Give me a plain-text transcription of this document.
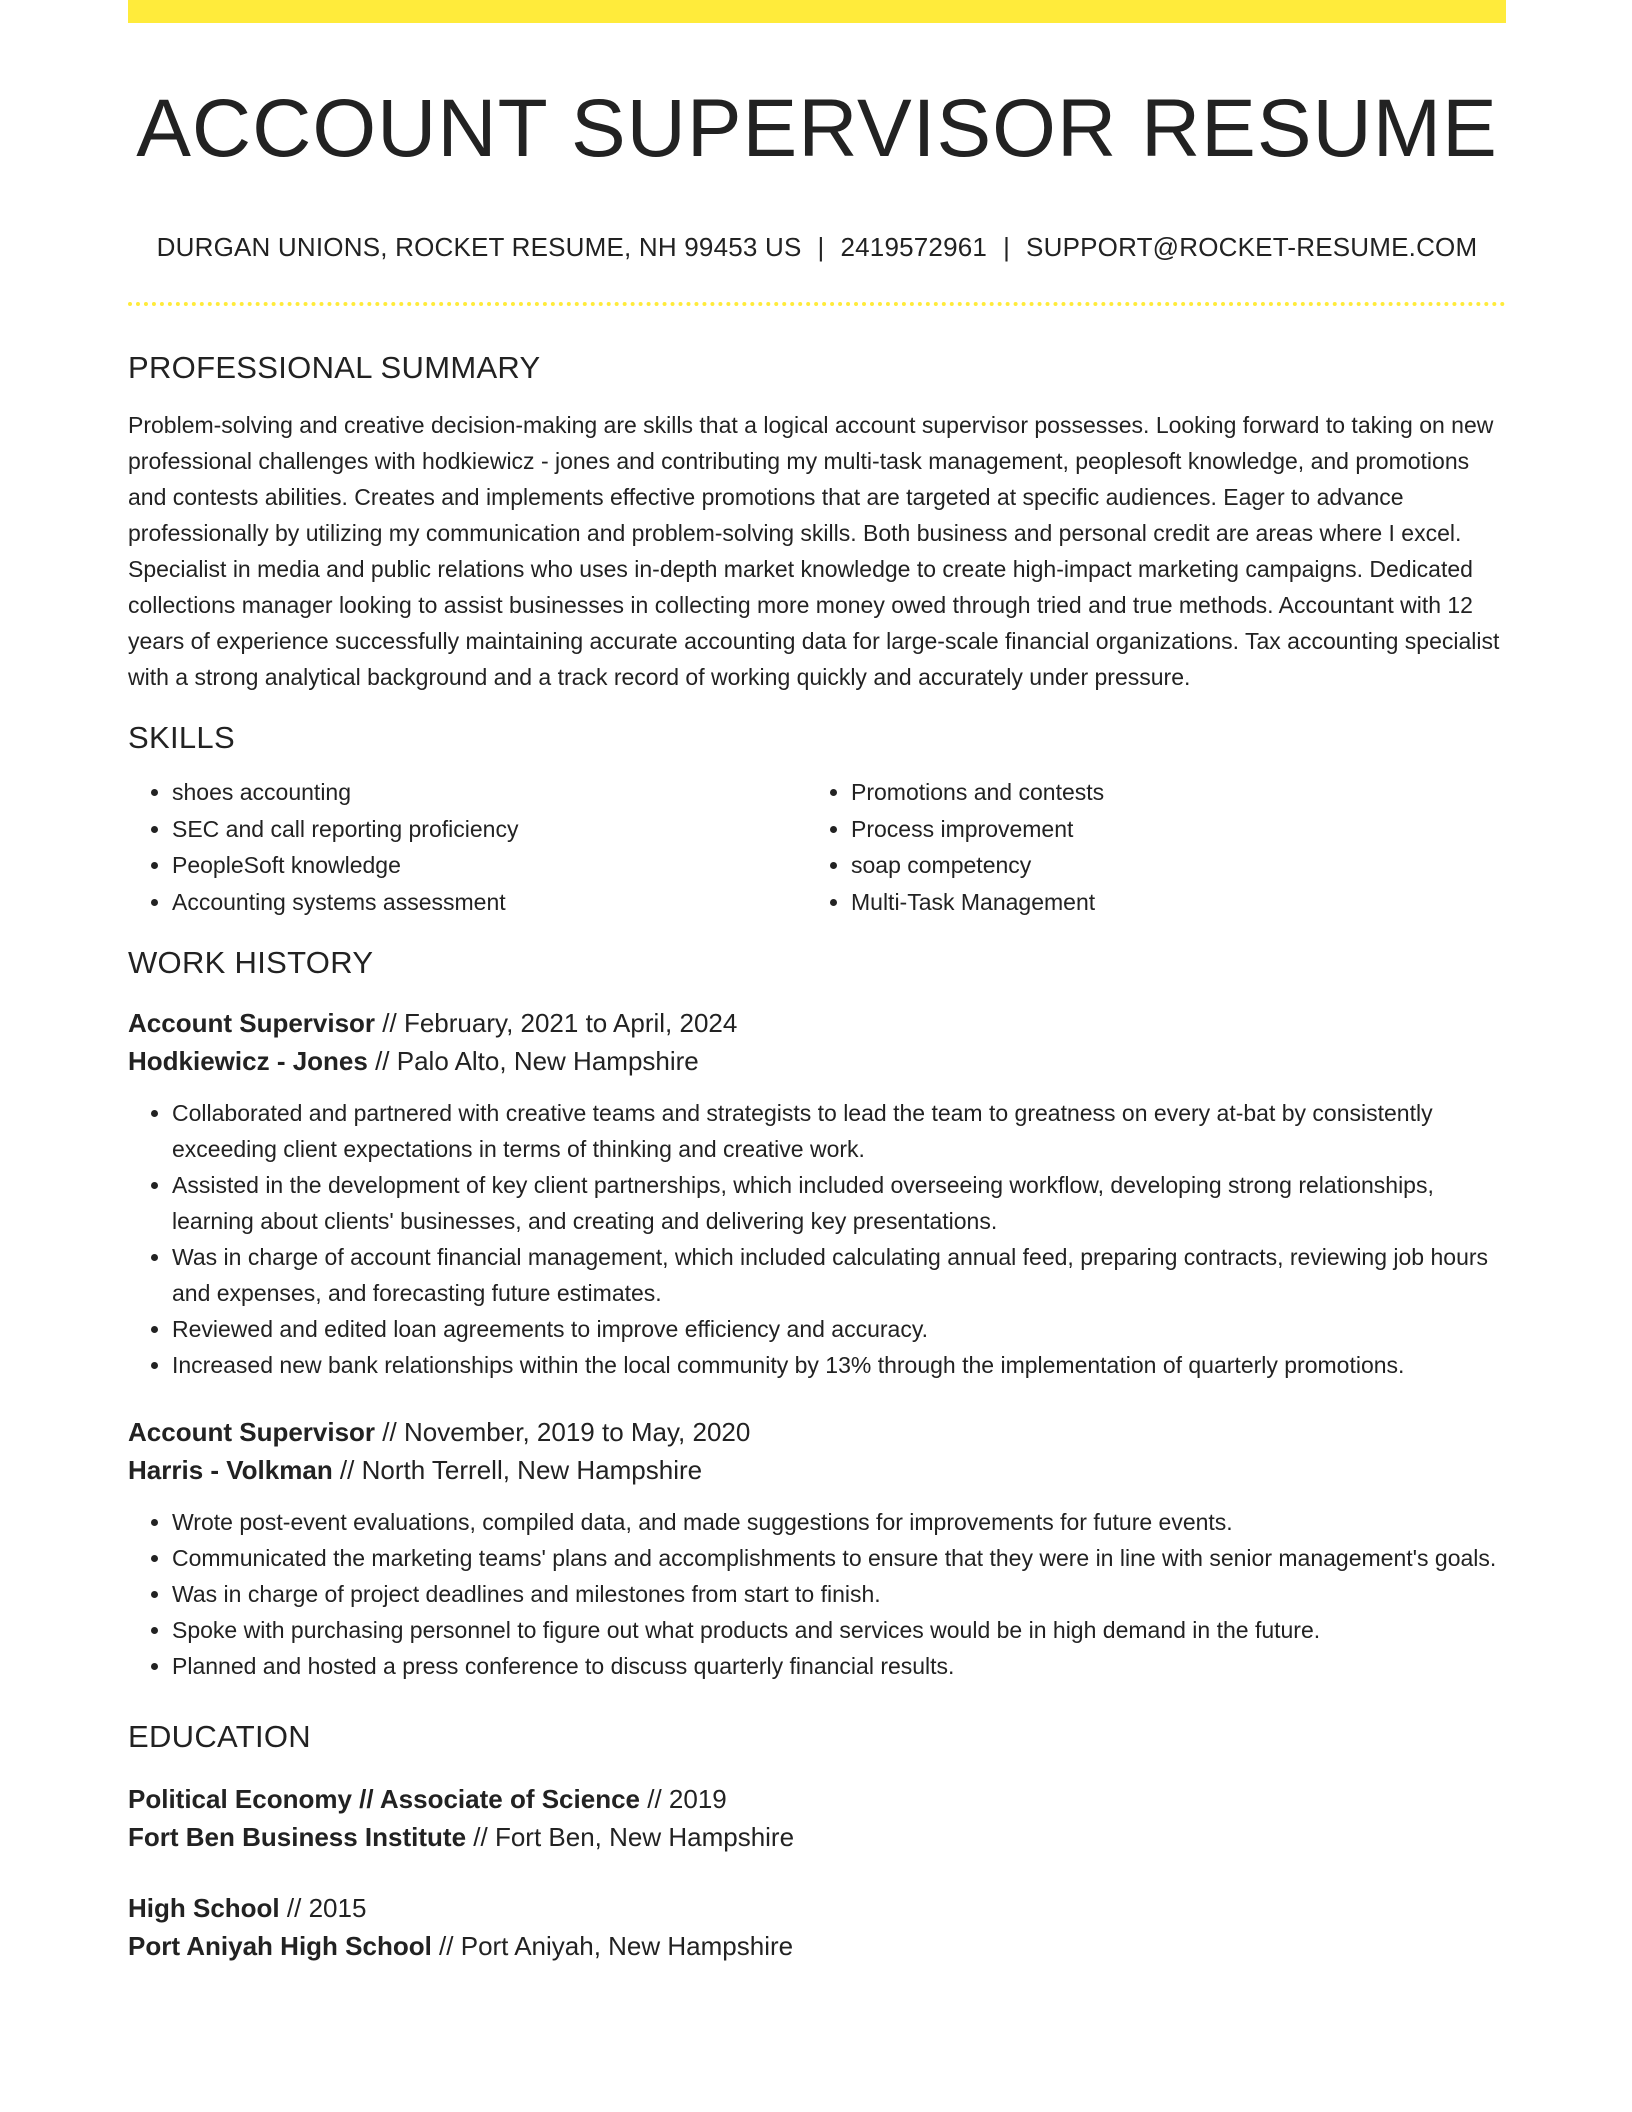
ACCOUNT SUPERVISOR RESUME
DURGAN UNIONS, ROCKET RESUME, NH 99453 US | 2419572961 | SUPPORT@ROCKET-RESUME.COM
PROFESSIONAL SUMMARY

Problem-solving and creative decision-making are skills that a logical account supervisor possesses. Looking forward to taking on new professional challenges with hodkiewicz - jones and contributing my multi-task management, peoplesoft knowledge, and promotions and contests abilities. Creates and implements effective promotions that are targeted at specific audiences. Eager to advance professionally by utilizing my communication and problem-solving skills. Both business and personal credit are areas where I excel. Specialist in media and public relations who uses in-depth market knowledge to create high-impact marketing campaigns. Dedicated collections manager looking to assist businesses in collecting more money owed through tried and true methods. Accountant with 12 years of experience successfully maintaining accurate accounting data for large-scale financial organizations. Tax accounting specialist with a strong analytical background and a track record of working quickly and accurately under pressure.

SKILLS
• shoes accounting
• SEC and call reporting proficiency
• PeopleSoft knowledge
• Accounting systems assessment
• Promotions and contests
• Process improvement
• soap competency
• Multi-Task Management
WORK HISTORY
Account Supervisor // February, 2021 to April, 2024
Hodkiewicz - Jones // Palo Alto, New Hampshire
• Collaborated and partnered with creative teams and strategists to lead the team to greatness on every at-bat by consistently exceeding client expectations in terms of thinking and creative work.
• Assisted in the development of key client partnerships, which included overseeing workflow, developing strong relationships, learning about clients' businesses, and creating and delivering key presentations.
• Was in charge of account financial management, which included calculating annual feed, preparing contracts, reviewing job hours and expenses, and forecasting future estimates.
• Reviewed and edited loan agreements to improve efficiency and accuracy.
• Increased new bank relationships within the local community by 13% through the implementation of quarterly promotions.
Account Supervisor // November, 2019 to May, 2020
Harris - Volkman // North Terrell, New Hampshire
• Wrote post-event evaluations, compiled data, and made suggestions for improvements for future events.
• Communicated the marketing teams' plans and accomplishments to ensure that they were in line with senior management's goals.
• Was in charge of project deadlines and milestones from start to finish.
• Spoke with purchasing personnel to figure out what products and services would be in high demand in the future.
• Planned and hosted a press conference to discuss quarterly financial results.
EDUCATION
Political Economy // Associate of Science // 2019
Fort Ben Business Institute // Fort Ben, New Hampshire
High School // 2015
Port Aniyah High School // Port Aniyah, New Hampshire
